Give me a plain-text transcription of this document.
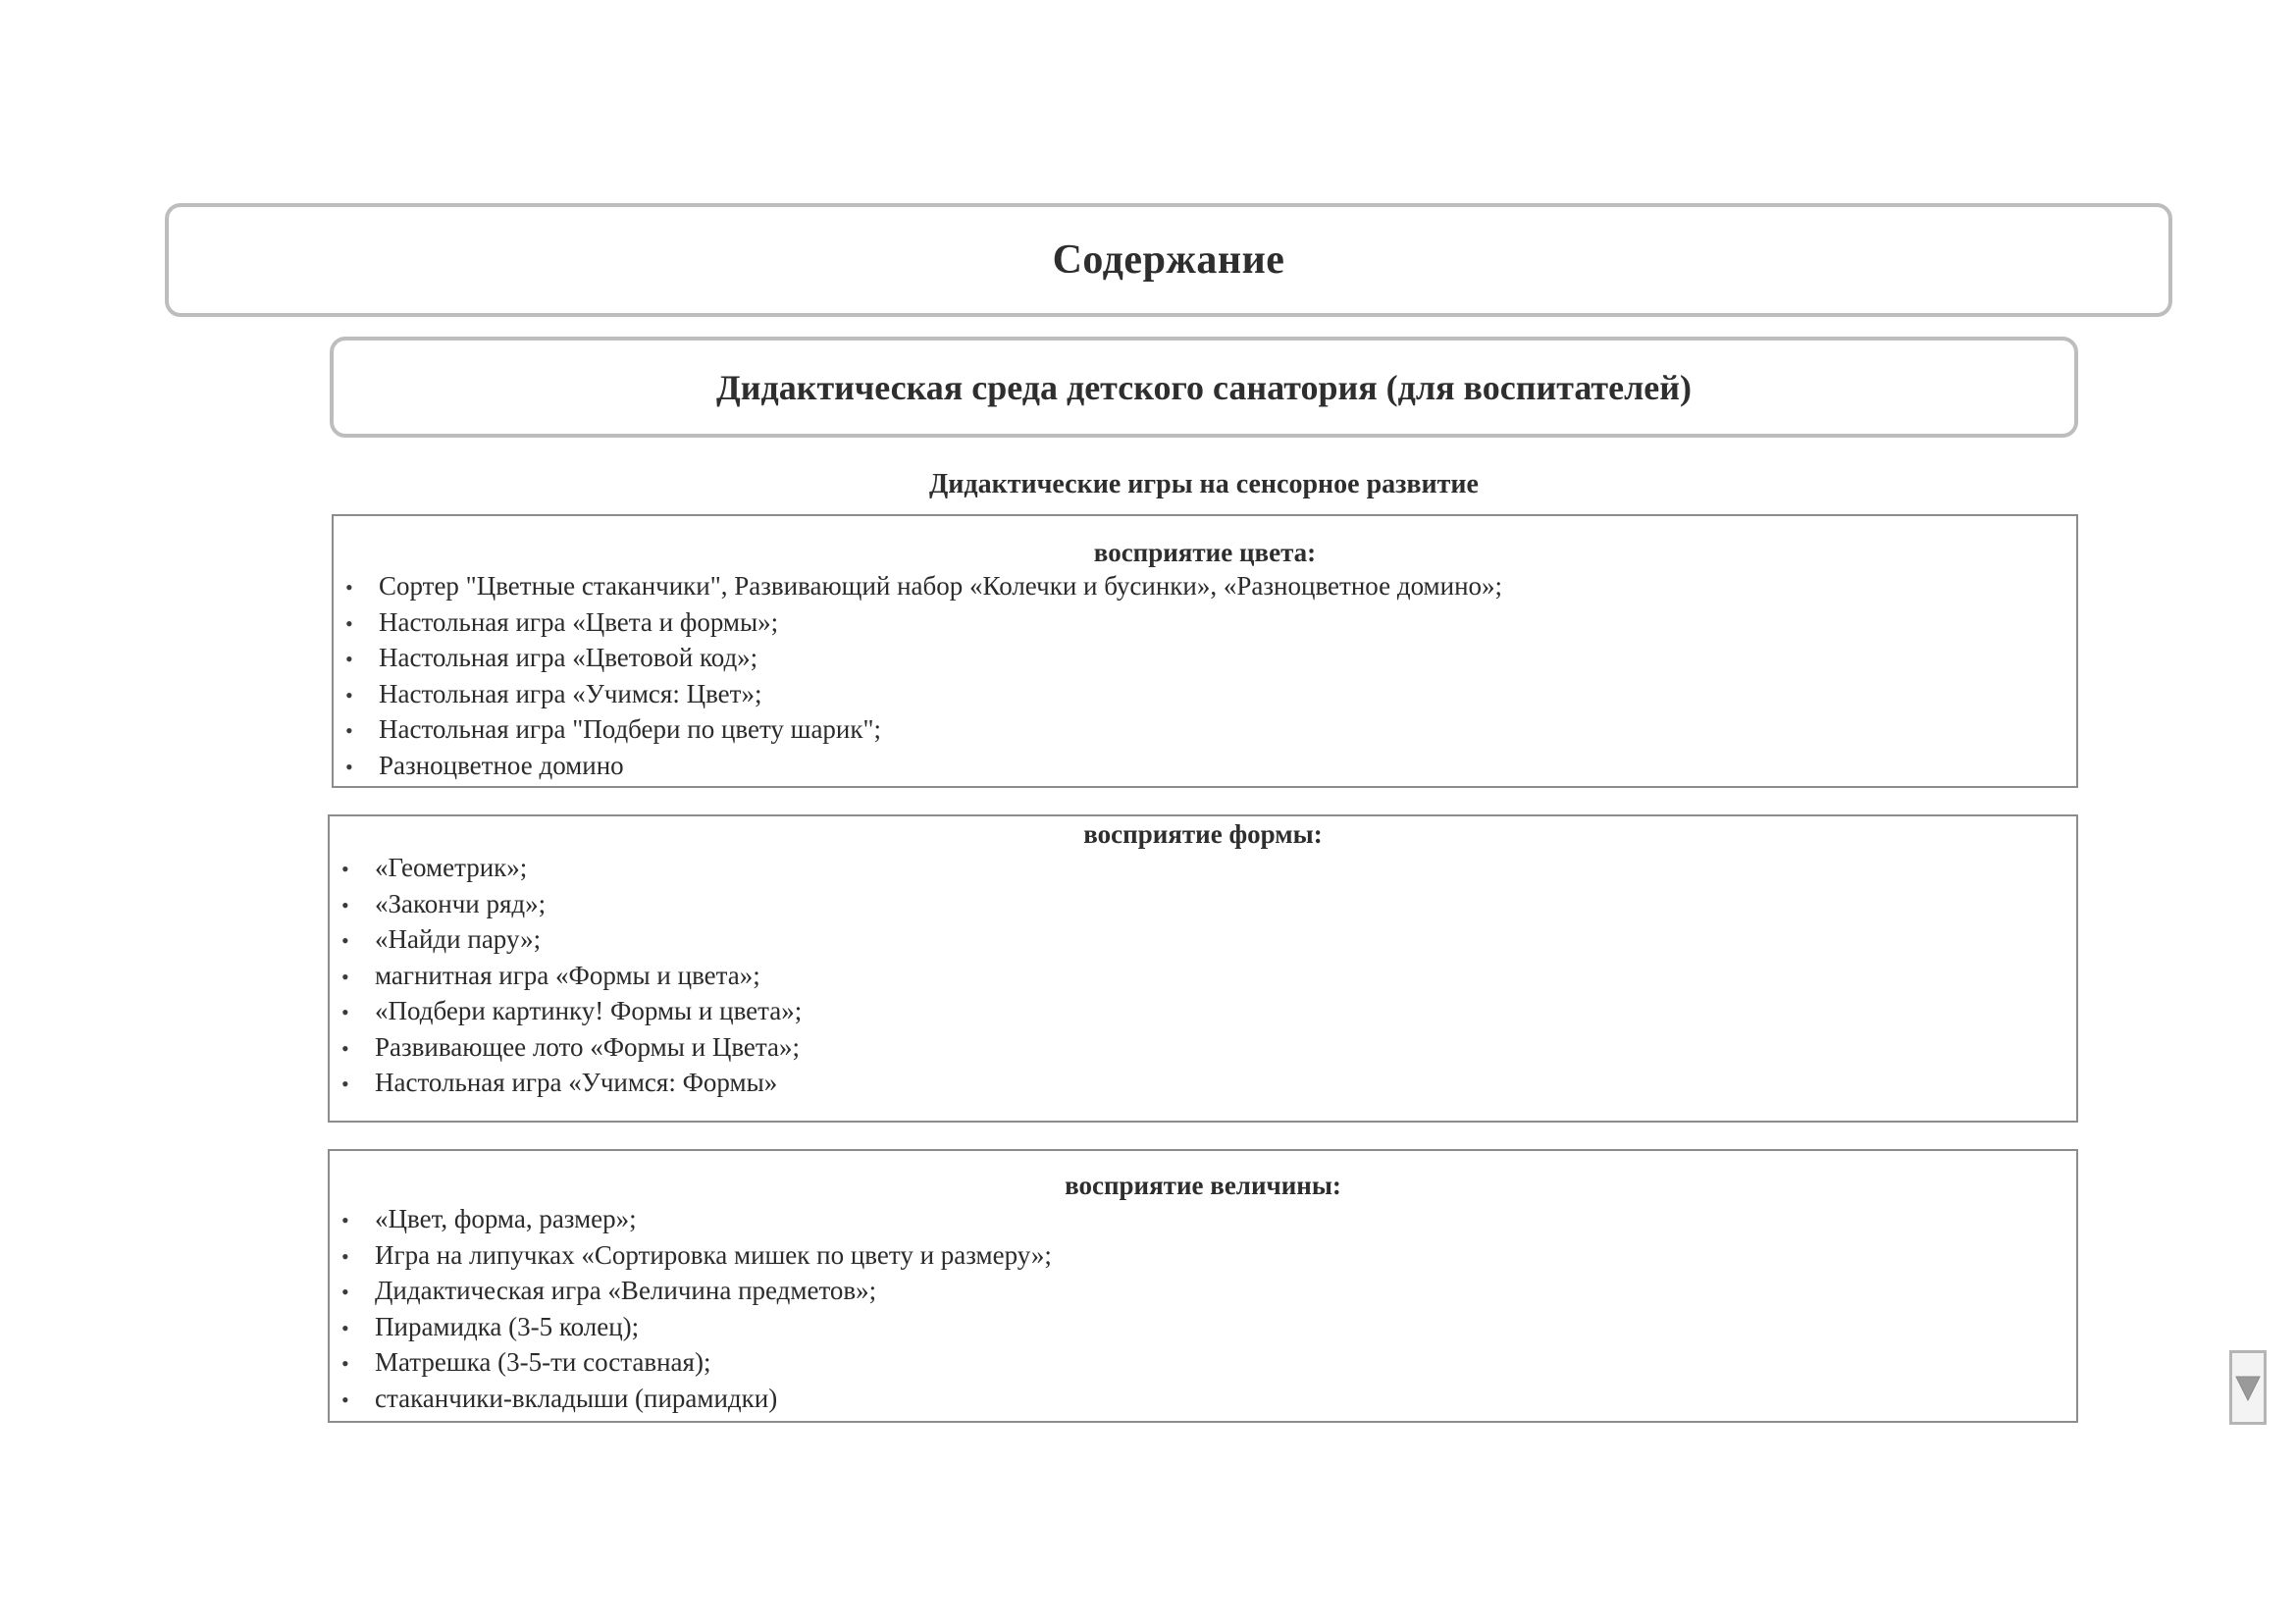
Содержание
Дидактическая среда детского санатория (для воспитателей)
Дидактические игры на сенсорное развитие
восприятие цвета:
• Сортер "Цветные стаканчики", Развивающий набор «Колечки и бусинки», «Разноцветное домино»;
• Настольная игра «Цвета и формы»;
• Настольная игра «Цветовой код»;
• Настольная игра «Учимся: Цвет»;
• Настольная игра "Подбери по цвету шарик";
• Разноцветное домино
восприятие формы:
• «Геометрик»;
• «Закончи ряд»;
• «Найди пару»;
• магнитная игра «Формы и цвета»;
• «Подбери картинку! Формы и цвета»;
• Развивающее лото «Формы и Цвета»;
• Настольная игра «Учимся: Формы»
восприятие величины:
• «Цвет, форма, размер»;
• Игра на липучках «Сортировка мишек по цвету и размеру»;
• Дидактическая игра «Величина предметов»;
• Пирамидка (3-5 колец);
• Матрешка (3-5-ти составная);
• стаканчики-вкладыши (пирамидки)
